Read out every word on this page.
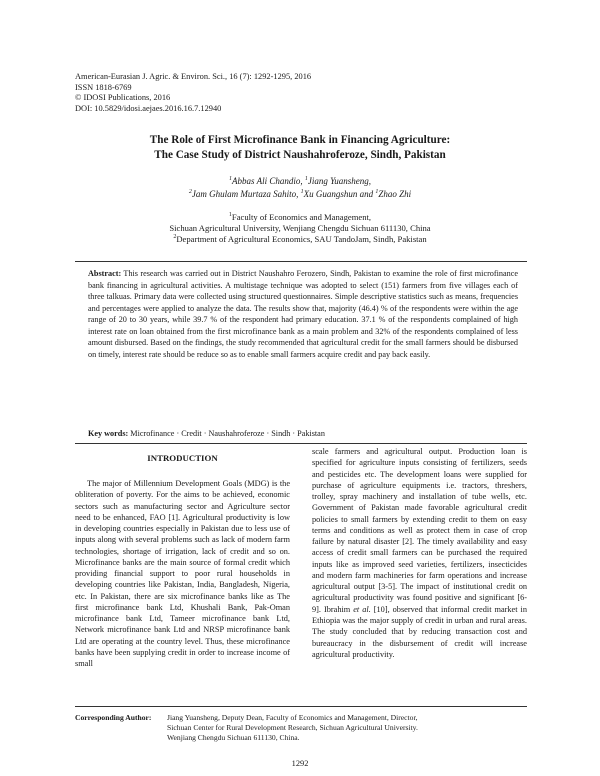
American-Eurasian J. Agric. & Environ. Sci., 16 (7): 1292-1295, 2016
ISSN 1818-6769
© IDOSI Publications, 2016
DOI: 10.5829/idosi.aejaes.2016.16.7.12940
The Role of First Microfinance Bank in Financing Agriculture:
The Case Study of District Naushahroferoze, Sindh, Pakistan
$^1$Abbas Ali Chandio, $^1$Jiang Yuansheng,
$^2$Jam Ghulam Murtaza Sahito, $^1$Xu Guangshun and $^1$Zhao Zhi
$^1$Faculty of Economics and Management,
Sichuan Agricultural University, Wenjiang Chengdu Sichuan 611130, China
$^2$Department of Agricultural Economics, SAU TandoJam, Sindh, Pakistan
Abstract: This research was carried out in District Naushahro Ferozero, Sindh, Pakistan to examine the role of first microfinance bank financing in agricultural activities. A multistage technique was adopted to select (151) farmers from five villages each of three talkuas. Primary data were collected using structured questionnaires. Simple descriptive statistics such as means, frequencies and percentages were applied to analyze the data. The results show that, majority (46.4) % of the respondents were within the age range of 20 to 30 years, while 39.7 % of the respondent had primary education. 37.1 % of the respondents complained of high interest rate on loan obtained from the first microfinance bank as a main problem and 32% of the respondents complained of less amount disbursed. Based on the findings, the study recommended that agricultural credit for the small farmers should be disbursed on timely, interest rate should be reduce so as to enable small farmers acquire credit and pay back easily.
Key words: Microfinance · Credit · Naushahroferoze · Sindh · Pakistan
INTRODUCTION

The major of Millennium Development Goals (MDG) is the obliteration of poverty. For the aims to be achieved, economic sectors such as manufacturing sector and Agriculture sector need to be enhanced, FAO [1]. Agricultural productivity is low in developing countries especially in Pakistan due to less use of inputs along with several problems such as lack of modern farm technologies, shortage of irrigation, lack of credit and so on. Microfinance banks are the main source of formal credit which providing financial support to poor rural households in developing countries like Pakistan, India, Bangladesh, Nigeria, etc. In Pakistan, there are six microfinance banks like as The first microfinance bank Ltd, Khushali Bank, Pak-Oman microfinance bank Ltd, Tameer microfinance bank Ltd, Network microfinance bank Ltd and NRSP microfinance bank Ltd are operating at the country level. Thus, these microfinance banks have been supplying credit in order to increase income of small

scale farmers and agricultural output. Production loan is specified for agriculture inputs consisting of fertilizers, seeds and pesticides etc. The development loans were supplied for purchase of agriculture equipments i.e. tractors, threshers, trolley, spray machinery and installation of tube wells, etc. Government of Pakistan made favorable agricultural credit policies to small farmers by extending credit to them on easy terms and conditions as well as protect them in case of crop failure by natural disaster [2]. The timely availability and easy access of credit small farmers can be purchased the required inputs like as improved seed varieties, fertilizers, insecticides and modern farm machineries for farm operations and increase agricultural output [3-5]. The impact of institutional credit on agricultural productivity was found positive and significant [6-9]. Ibrahim et al. [10], observed that informal credit market in Ethiopia was the major supply of credit in urban and rural areas. The study concluded that by reducing transaction cost and bureaucracy in the disbursement of credit will increase agricultural productivity.

Corresponding Author: Jiang Yuansheng, Deputy Dean, Faculty of Economics and Management, Director,
Sichuan Center for Rural Development Research, Sichuan Agricultural University.
Wenjiang Chengdu Sichuan 611130, China.
1292
